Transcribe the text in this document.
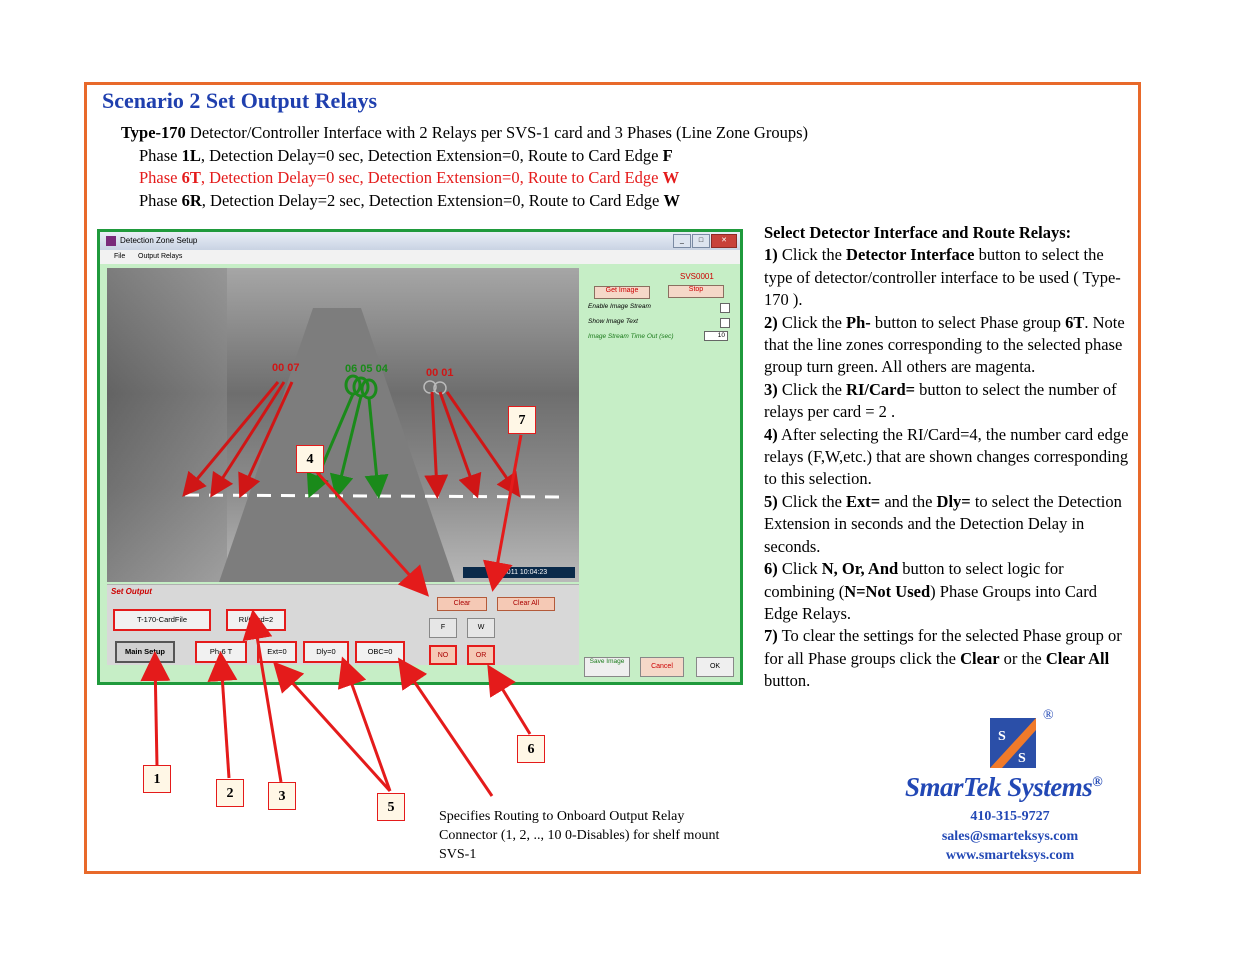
Scenario 2 Set Output Relays
Type-170 Detector/Controller Interface with 2 Relays per SVS-1 card and 3 Phases (Line Zone Groups)
Phase 1L, Detection Delay=0 sec, Detection Extension=0, Route to Card Edge F
Phase 6T, Detection Delay=0 sec, Detection Extension=0, Route to Card Edge W
Phase 6R, Detection Delay=2 sec, Detection Extension=0, Route to Card Edge W
Detection Zone Setup	_	□	✕
File Output Relays
05- 2011 10:04:23
SVS0001
Get Image	Stop
Enable Image Stream
Show Image Text
Image Stream Time Out (sec)	10
Set Output
T-170-CardFile	RI/Card=2
Main Setup	Ph-6 T	Ext=0	Dly=0	OBC=0
Clear	Clear All
F	W
NO	OR
Save Image
Cancel	OK
00 07	06 05 04	00 01
1
2	3
4
5
6
7
Specifies Routing to Onboard Output Relay Connector (1, 2, .., 10 0-Disables) for shelf mount SVS-1

Select Detector Interface and Route Relays:

1) Click the Detector Interface button to select the type of detector/controller interface to be used ( Type-170 ).

2) Click the Ph- button to select Phase group 6T. Note that the line zones corresponding to the selected phase group turn green. All others are magenta.

3) Click the RI/Card= button to select the number of relays per card = 2 .

4) After selecting the RI/Card=4, the number card edge relays (F,W,etc.) that are shown changes corresponding to this selection.

5) Click the Ext= and the Dly= to select the Detection Extension in seconds and the Detection Delay in seconds.

6) Click N, Or, And button to select logic for combining (N=Not Used) Phase Groups into Card Edge Relays.

7) To clear the settings for the selected Phase group or for all Phase groups click the Clear or the Clear All button.

S
S
®
SmarTek Systems®
410-315-9727
sales@smarteksys.com
www.smarteksys.com
